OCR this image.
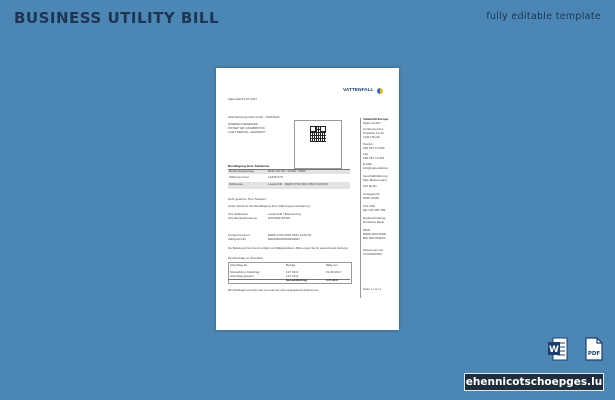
BUSINESS UTILITY BILL	fully editable template
Vattenfall 01.07.2017
VATTENFALL
Vattenfall Europe Sales GmbH · 12345 Berlin
SWEDEN DENMARK
OSTER SØ 4 8028850734
10117 BERLIN, GERMANY
Bestätigung Ihrer Zahlweise
Rechnungsbetrag	EUR 147.39 / 12345 / 7890
Zählernummer	12345 678
Zahlweise	Lastschrift · DE89 3704 0044 0532 0130 00
Sehr geehrter Herr Sweden,
vielen Dank für die Bestätigung Ihrer Zahlungsvereinbarung.
Ihre Zahlweise	Lastschrift / Bankeinzug
Ihre Bankverbindung	DANSKE BANK
Kundennummer	DE89 3704 0044 0532 0130 00
Zählpunkt-ID	DE0000000000000001
Die Belastung Ihres Kontos erfolgt zum Fälligkeitsdatum. Bitte sorgen Sie für ausreichende Deckung.
Ihr Abschlag im Überblick
Abschlag ab	Betrag	fällig am
Monatlicher Abschlag	147,39 €	01.08.2017
Abschlag gesamt	147,39 €
Gesamtbetrag	147,39 €
Bei Rückfragen erreichen Sie uns unter der oben angegebenen Rufnummer.
Vattenfall Europe
Sales GmbH
Kundenservice
Postfach 12 34
10117 Berlin
Telefon
030 267 10 000
Fax
030 267 10 001
E-Mail
info@vattenfall.de
Geschäftsführung
Max Mustermann
Sitz Berlin
Amtsgericht
HRB 12345
USt-IdNr.
DE 123 456 789
Bankverbindung
Deutsche Bank
IBAN
DE00 0000 0000
BIC DEUTDEFF
Steuernummer
37/220/20300
Seite 1 von 1
W	PDF
ehennicotschoepges.lu
